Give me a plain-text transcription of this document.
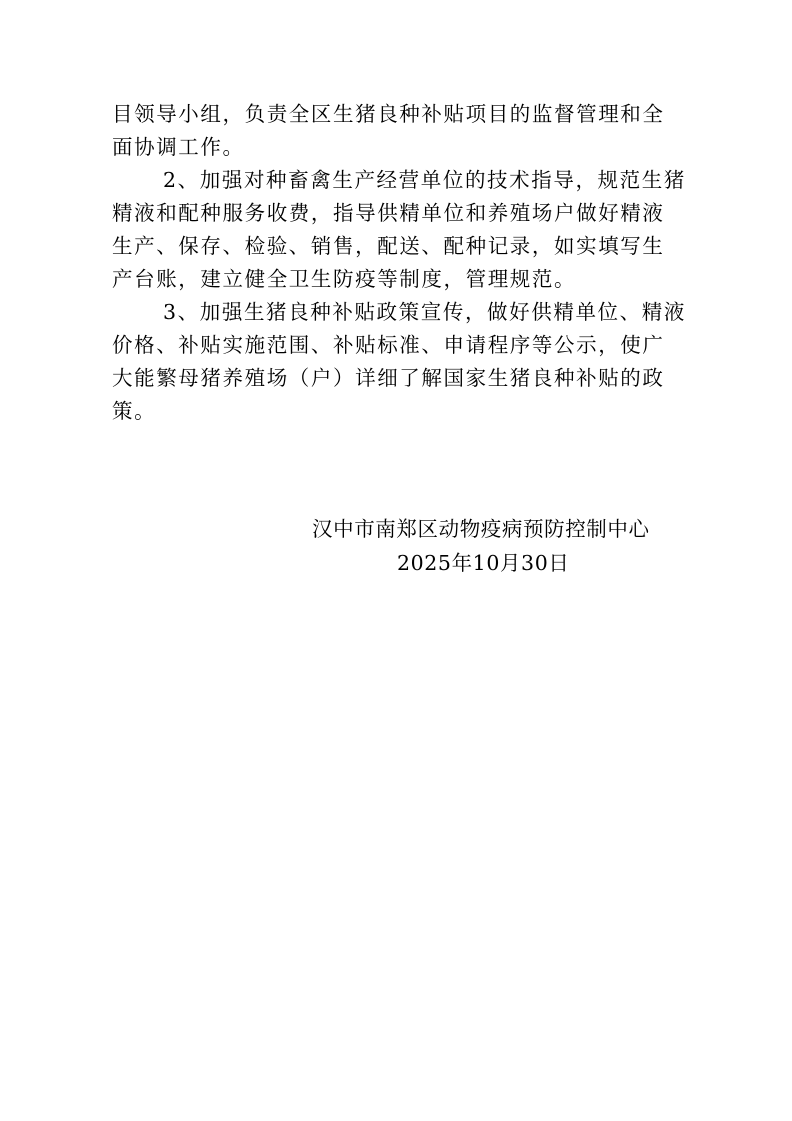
目领导小组，负责全区生猪良种补贴项目的监督管理和全

面协调工作。

2、加强对种畜禽生产经营单位的技术指导，规范生猪

精液和配种服务收费，指导供精单位和养殖场户做好精液

生产、保存、检验、销售，配送、配种记录，如实填写生

产台账，建立健全卫生防疫等制度，管理规范。

3、加强生猪良种补贴政策宣传，做好供精单位、精液

价格、补贴实施范围、补贴标准、申请程序等公示，使广

大能繁母猪养殖场（户）详细了解国家生猪良种补贴的政

策。

汉中市南郑区动物疫病预防控制中心
2025年10月30日
